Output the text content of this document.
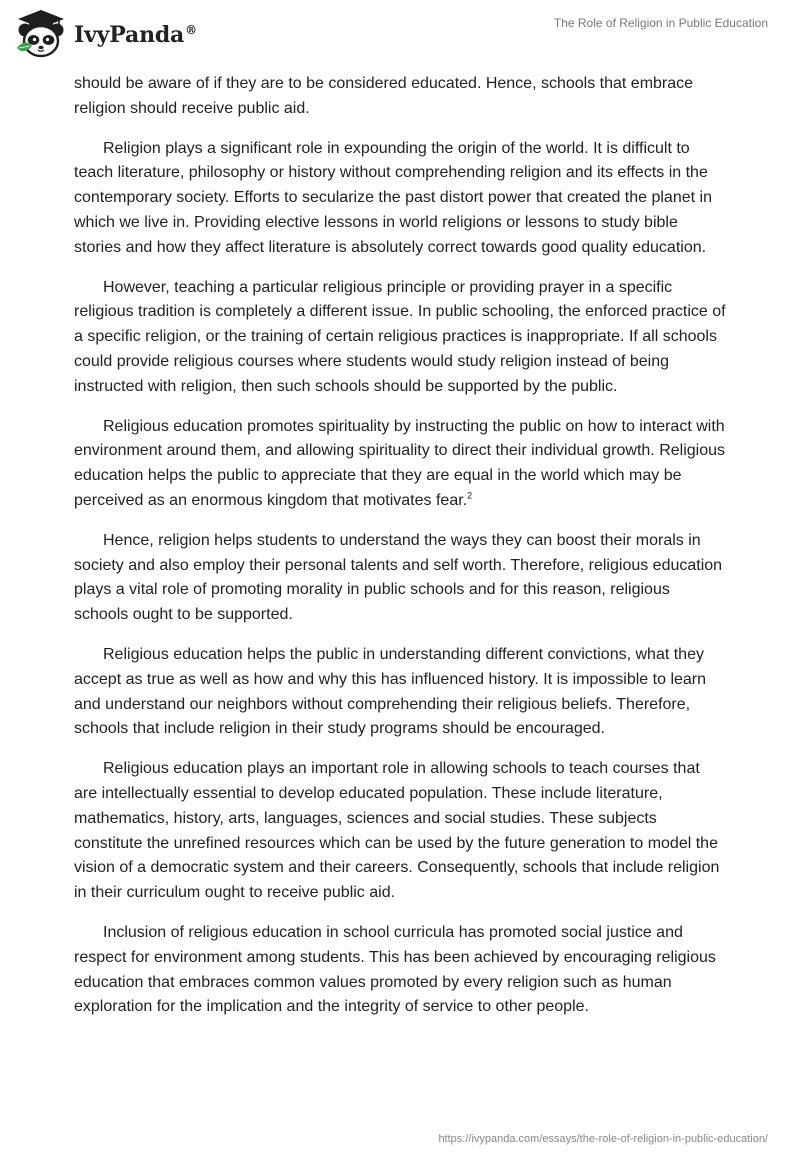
IvyPanda®	The Role of Religion in Public Education

should be aware of if they are to be considered educated. Hence, schools that embrace religion should receive public aid.

Religion plays a significant role in expounding the origin of the world. It is difficult to teach literature, philosophy or history without comprehending religion and its effects in the contemporary society. Efforts to secularize the past distort power that created the planet in which we live in. Providing elective lessons in world religions or lessons to study bible stories and how they affect literature is absolutely correct towards good quality education.

However, teaching a particular religious principle or providing prayer in a specific religious tradition is completely a different issue. In public schooling, the enforced practice of a specific religion, or the training of certain religious practices is inappropriate. If all schools could provide religious courses where students would study religion instead of being instructed with religion, then such schools should be supported by the public.

Religious education promotes spirituality by instructing the public on how to interact with environment around them, and allowing spirituality to direct their individual growth. Religious education helps the public to appreciate that they are equal in the world which may be perceived as an enormous kingdom that motivates fear.$^2$

Hence, religion helps students to understand the ways they can boost their morals in society and also employ their personal talents and self worth. Therefore, religious education plays a vital role of promoting morality in public schools and for this reason, religious schools ought to be supported.

Religious education helps the public in understanding different convictions, what they accept as true as well as how and why this has influenced history. It is impossible to learn and understand our neighbors without comprehending their religious beliefs. Therefore, schools that include religion in their study programs should be encouraged.

Religious education plays an important role in allowing schools to teach courses that are intellectually essential to develop educated population. These include literature, mathematics, history, arts, languages, sciences and social studies. These subjects constitute the unrefined resources which can be used by the future generation to model the vision of a democratic system and their careers. Consequently, schools that include religion in their curriculum ought to receive public aid.

Inclusion of religious education in school curricula has promoted social justice and respect for environment among students. This has been achieved by encouraging religious education that embraces common values promoted by every religion such as human exploration for the implication and the integrity of service to other people.

https://ivypanda.com/essays/the-role-of-religion-in-public-education/
